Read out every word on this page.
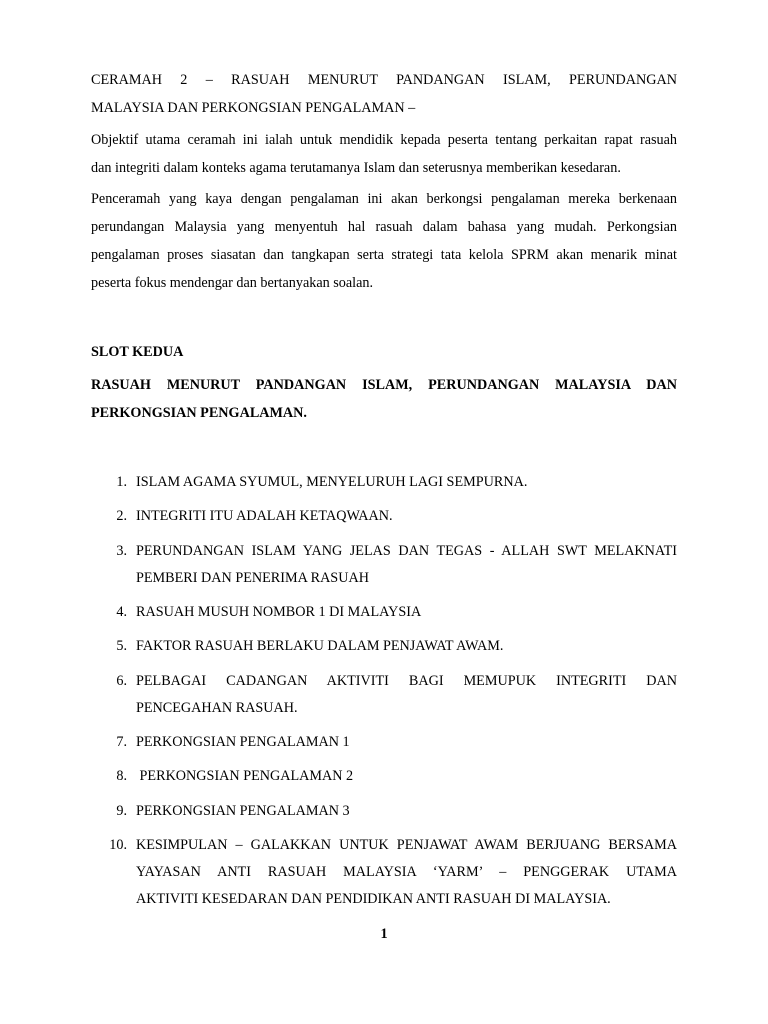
CERAMAH 2 – RASUAH MENURUT PANDANGAN ISLAM, PERUNDANGAN
MALAYSIA DAN PERKONGSIAN PENGALAMAN –
Objektif utama ceramah ini ialah untuk mendidik kepada peserta tentang perkaitan rapat rasuah
dan integriti dalam konteks agama terutamanya Islam dan seterusnya memberikan kesedaran.
Penceramah yang kaya dengan pengalaman ini akan berkongsi pengalaman mereka berkenaan
perundangan Malaysia yang menyentuh hal rasuah dalam bahasa yang mudah. Perkongsian
pengalaman proses siasatan dan tangkapan serta strategi tata kelola SPRM akan menarik minat
peserta fokus mendengar dan bertanyakan soalan.
SLOT KEDUA
RASUAH MENURUT PANDANGAN ISLAM, PERUNDANGAN MALAYSIA DAN
PERKONGSIAN PENGALAMAN.
1. ISLAM AGAMA SYUMUL, MENYELURUH LAGI SEMPURNA.
2. INTEGRITI ITU ADALAH KETAQWAAN.
3. PERUNDANGAN ISLAM YANG JELAS DAN TEGAS - ALLAH SWT MELAKNATI
PEMBERI DAN PENERIMA RASUAH
4. RASUAH MUSUH NOMBOR 1 DI MALAYSIA
5. FAKTOR RASUAH BERLAKU DALAM PENJAWAT AWAM.
6. PELBAGAI CADANGAN AKTIVITI BAGI MEMUPUK INTEGRITI DAN
PENCEGAHAN RASUAH.
7. PERKONGSIAN PENGALAMAN 1
8. PERKONGSIAN PENGALAMAN 2
9. PERKONGSIAN PENGALAMAN 3
10. KESIMPULAN – GALAKKAN UNTUK PENJAWAT AWAM BERJUANG BERSAMA
YAYASAN ANTI RASUAH MALAYSIA ‘YARM’ – PENGGERAK UTAMA
AKTIVITI KESEDARAN DAN PENDIDIKAN ANTI RASUAH DI MALAYSIA.
1
